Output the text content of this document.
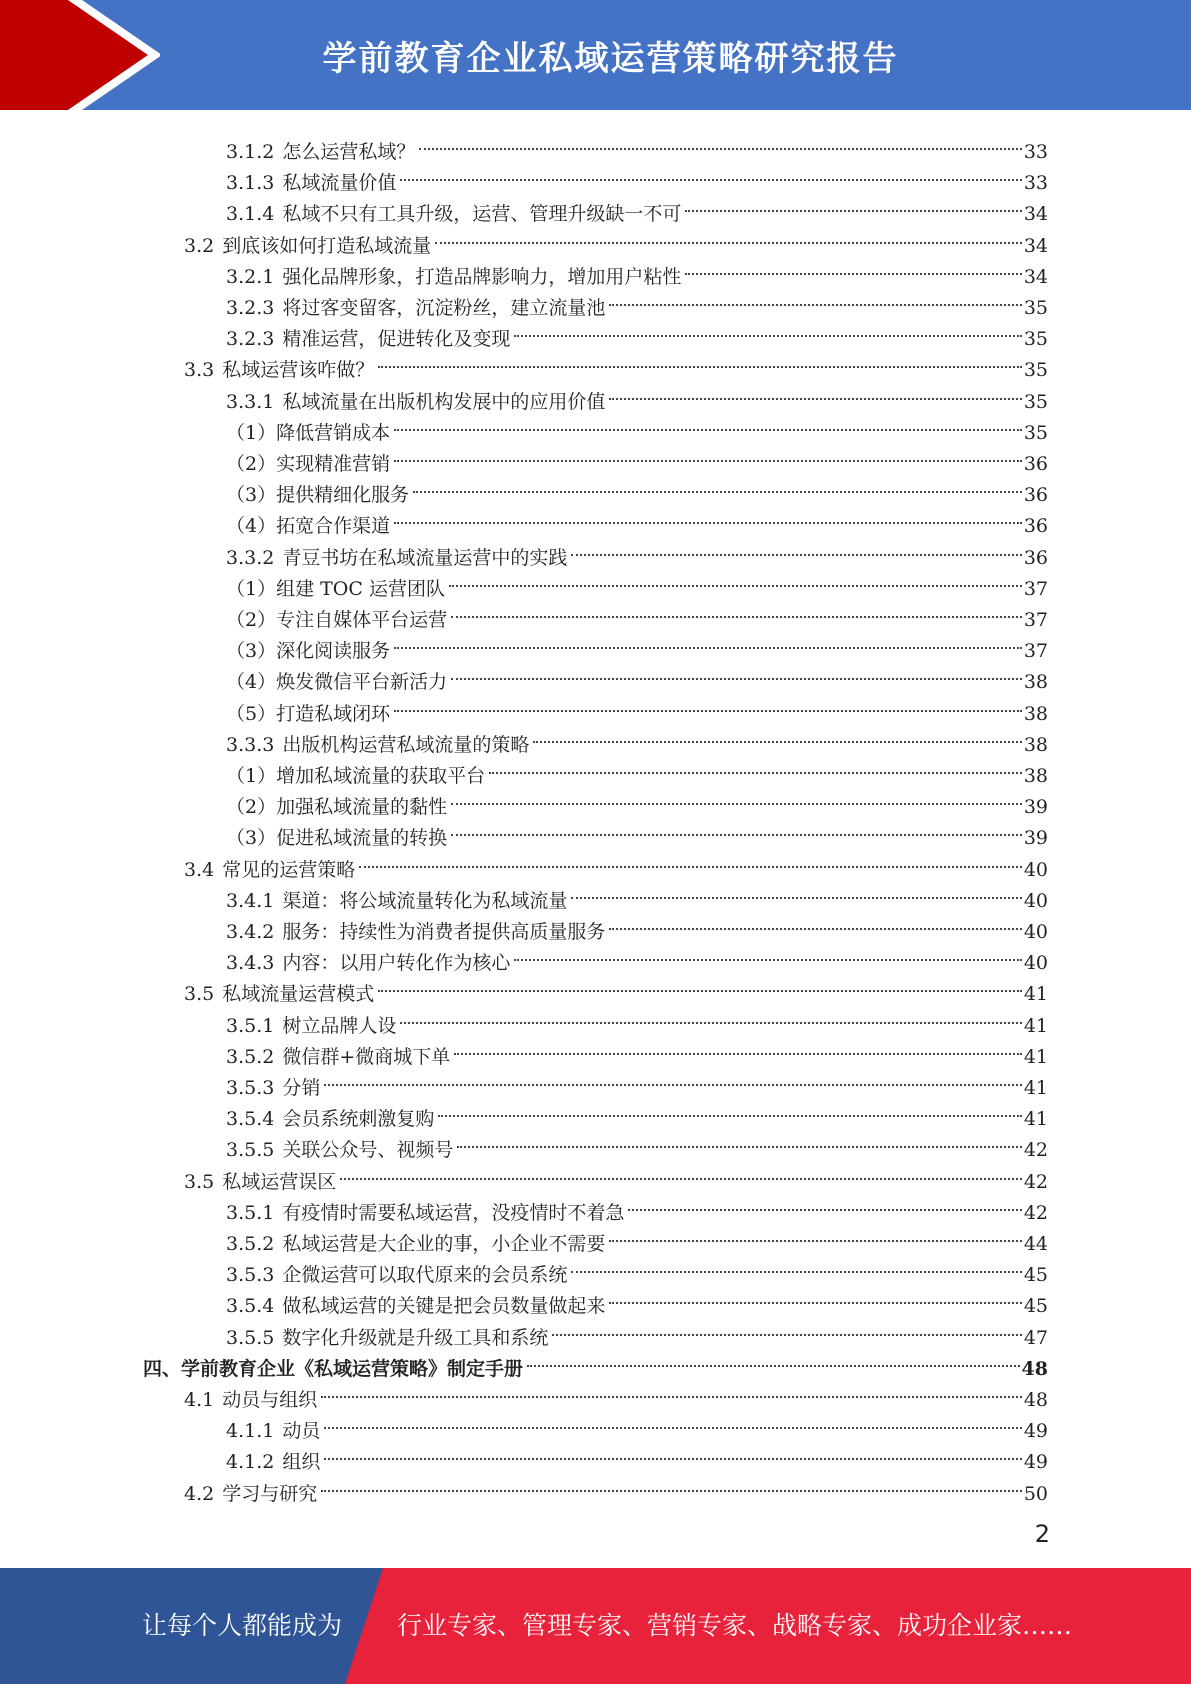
学前教育企业私域运营策略研究报告
3.1.2 怎么运营私域？	33
3.1.3 私域流量价值	33
3.1.4 私域不只有工具升级，运营、管理升级缺一不可	34
3.2 到底该如何打造私域流量	34
3.2.1 强化品牌形象，打造品牌影响力，增加用户粘性	34
3.2.3 将过客变留客，沉淀粉丝，建立流量池	35
3.2.3 精准运营，促进转化及变现	35
3.3 私域运营该咋做？	35
3.3.1 私域流量在出版机构发展中的应用价值	35
（1）降低营销成本	35
（2）实现精准营销	36
（3）提供精细化服务	36
（4）拓宽合作渠道	36
3.3.2 青豆书坊在私域流量运营中的实践	36
（1）组建 TOC 运营团队	37
（2）专注自媒体平台运营	37
（3）深化阅读服务	37
（4）焕发微信平台新活力	38
（5）打造私域闭环	38
3.3.3 出版机构运营私域流量的策略	38
（1）增加私域流量的获取平台	38
（2）加强私域流量的黏性	39
（3）促进私域流量的转换	39
3.4 常见的运营策略	40
3.4.1 渠道：将公域流量转化为私域流量	40
3.4.2 服务：持续性为消费者提供高质量服务	40
3.4.3 内容：以用户转化作为核心	40
3.5 私域流量运营模式	41
3.5.1 树立品牌人设	41
3.5.2 微信群+微商城下单	41
3.5.3 分销	41
3.5.4 会员系统刺激复购	41
3.5.5 关联公众号、视频号	42
3.5 私域运营误区	42
3.5.1 有疫情时需要私域运营，没疫情时不着急	42
3.5.2 私域运营是大企业的事，小企业不需要	44
3.5.3 企微运营可以取代原来的会员系统	45
3.5.4 做私域运营的关键是把会员数量做起来	45
3.5.5 数字化升级就是升级工具和系统	47
四、学前教育企业《私域运营策略》制定手册	48
4.1 动员与组织	48
4.1.1 动员	49
4.1.2 组织	49
4.2 学习与研究	50
2
让每个人都能成为 行业专家、管理专家、营销专家、战略专家、成功企业家……
